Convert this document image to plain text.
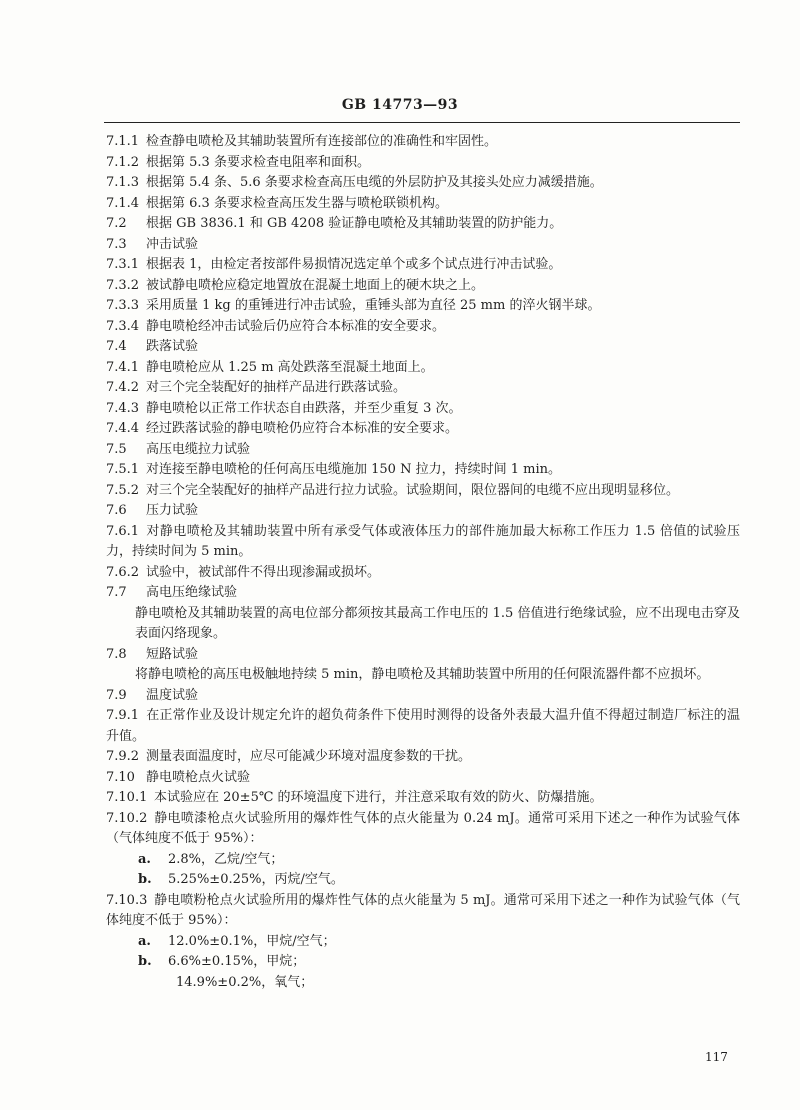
GB 14773—93
7.1.1 检查静电喷枪及其辅助装置所有连接部位的准确性和牢固性。
7.1.2 根据第 5.3 条要求检查电阻率和面积。
7.1.3 根据第 5.4 条、5.6 条要求检查高压电缆的外层防护及其接头处应力减缓措施。
7.1.4 根据第 6.3 条要求检查高压发生器与喷枪联锁机构。
7.2 根据 GB 3836.1 和 GB 4208 验证静电喷枪及其辅助装置的防护能力。
7.3 冲击试验
7.3.1 根据表 1，由检定者按部件易损情况选定单个或多个试点进行冲击试验。
7.3.2 被试静电喷枪应稳定地置放在混凝土地面上的硬木块之上。
7.3.3 采用质量 1 kg 的重锤进行冲击试验，重锤头部为直径 25 mm 的淬火钢半球。
7.3.4 静电喷枪经冲击试验后仍应符合本标准的安全要求。
7.4 跌落试验
7.4.1 静电喷枪应从 1.25 m 高处跌落至混凝土地面上。
7.4.2 对三个完全装配好的抽样产品进行跌落试验。
7.4.3 静电喷枪以正常工作状态自由跌落，并至少重复 3 次。
7.4.4 经过跌落试验的静电喷枪仍应符合本标准的安全要求。
7.5 高压电缆拉力试验
7.5.1 对连接至静电喷枪的任何高压电缆施加 150 N 拉力，持续时间 1 min。
7.5.2 对三个完全装配好的抽样产品进行拉力试验。试验期间，限位器间的电缆不应出现明显移位。
7.6 压力试验
7.6.1 对静电喷枪及其辅助装置中所有承受气体或液体压力的部件施加最大标称工作压力 1.5 倍值的试验压力，持续时间为 5 min。
7.6.2 试验中，被试部件不得出现渗漏或损坏。
7.7 高电压绝缘试验
静电喷枪及其辅助装置的高电位部分都须按其最高工作电压的 1.5 倍值进行绝缘试验，应不出现电击穿及表面闪络现象。
7.8 短路试验
将静电喷枪的高压电极触地持续 5 min，静电喷枪及其辅助装置中所用的任何限流器件都不应损坏。
7.9 温度试验
7.9.1 在正常作业及设计规定允许的超负荷条件下使用时测得的设备外表最大温升值不得超过制造厂标注的温升值。
7.9.2 测量表面温度时，应尽可能减少环境对温度参数的干扰。
7.10 静电喷枪点火试验
7.10.1 本试验应在 20±5℃ 的环境温度下进行，并注意采取有效的防火、防爆措施。
7.10.2 静电喷漆枪点火试验所用的爆炸性气体的点火能量为 0.24 mJ。通常可采用下述之一种作为试验气体（气体纯度不低于 95%）：
a. 2.8%，乙烷/空气；
b. 5.25%±0.25%，丙烷/空气。
7.10.3 静电喷粉枪点火试验所用的爆炸性气体的点火能量为 5 mJ。通常可采用下述之一种作为试验气体（气体纯度不低于 95%）：
a. 12.0%±0.1%，甲烷/空气；
b. 6.6%±0.15%，甲烷；
14.9%±0.2%，氧气；
117
